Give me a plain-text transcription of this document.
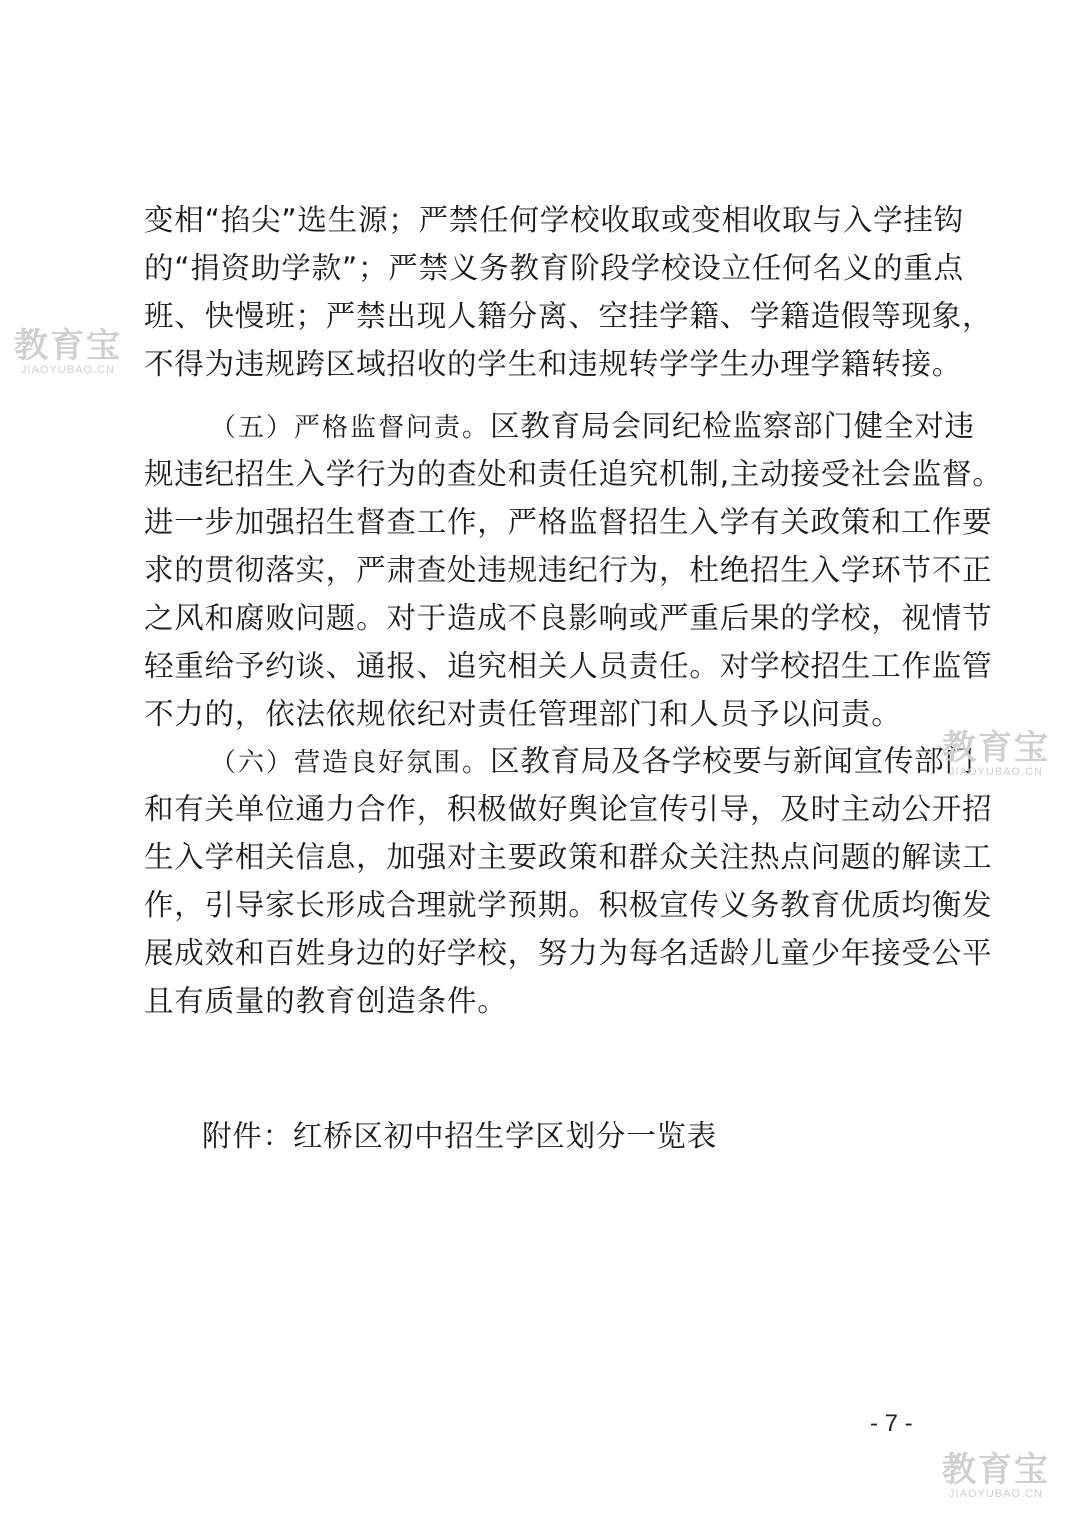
变相“掐尖”选生源；严禁任何学校收取或变相收取与入学挂钩
的“捐资助学款”；严禁义务教育阶段学校设立任何名义的重点
班、快慢班；严禁出现人籍分离、空挂学籍、学籍造假等现象，
不得为违规跨区域招收的学生和违规转学学生办理学籍转接。
（五）严格监督问责。区教育局会同纪检监察部门健全对违
规违纪招生入学行为的查处和责任追究机制,主动接受社会监督。
进一步加强招生督查工作，严格监督招生入学有关政策和工作要
求的贯彻落实，严肃查处违规违纪行为，杜绝招生入学环节不正
之风和腐败问题。对于造成不良影响或严重后果的学校，视情节
轻重给予约谈、通报、追究相关人员责任。对学校招生工作监管
不力的，依法依规依纪对责任管理部门和人员予以问责。
（六）营造良好氛围。区教育局及各学校要与新闻宣传部门
和有关单位通力合作，积极做好舆论宣传引导，及时主动公开招
生入学相关信息，加强对主要政策和群众关注热点问题的解读工
作，引导家长形成合理就学预期。积极宣传义务教育优质均衡发
展成效和百姓身边的好学校，努力为每名适龄儿童少年接受公平
且有质量的教育创造条件。
附件：红桥区初中招生学区划分一览表
- 7 -
教育宝
JIAOYUBAO.CN
教育宝
JIAOYUBAO.CN
教育宝
JIAOYUBAO.CN
